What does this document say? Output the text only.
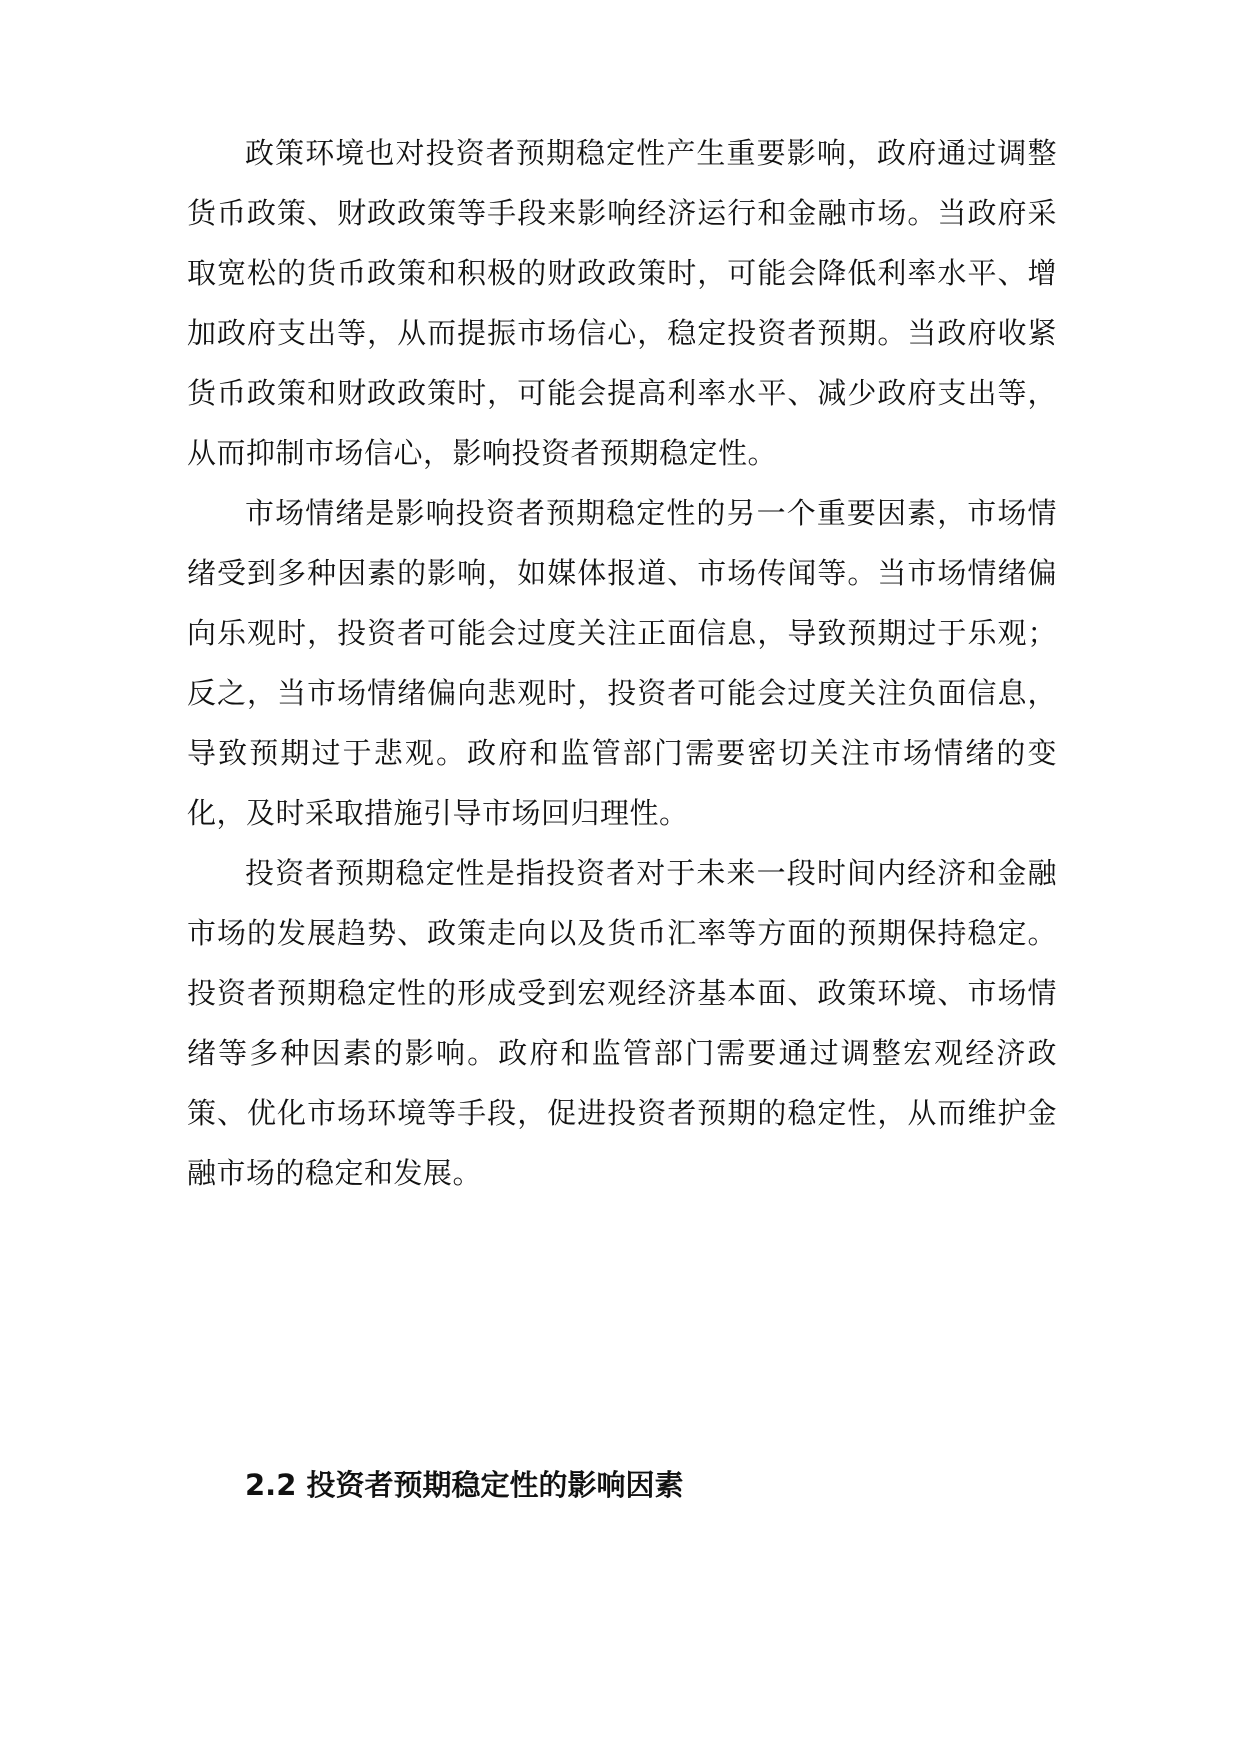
政策环境也对投资者预期稳定性产生重要影响，政府通过调整货币政策、财政政策等手段来影响经济运行和金融市场。当政府采取宽松的货币政策和积极的财政政策时，可能会降低利率水平、增加政府支出等，从而提振市场信心，稳定投资者预期。当政府收紧货币政策和财政政策时，可能会提高利率水平、减少政府支出等，从而抑制市场信心，影响投资者预期稳定性。

市场情绪是影响投资者预期稳定性的另一个重要因素，市场情绪受到多种因素的影响，如媒体报道、市场传闻等。当市场情绪偏向乐观时，投资者可能会过度关注正面信息，导致预期过于乐观；反之，当市场情绪偏向悲观时，投资者可能会过度关注负面信息，导致预期过于悲观。政府和监管部门需要密切关注市场情绪的变化，及时采取措施引导市场回归理性。

投资者预期稳定性是指投资者对于未来一段时间内经济和金融市场的发展趋势、政策走向以及货币汇率等方面的预期保持稳定。投资者预期稳定性的形成受到宏观经济基本面、政策环境、市场情绪等多种因素的影响。政府和监管部门需要通过调整宏观经济政策、优化市场环境等手段，促进投资者预期的稳定性，从而维护金融市场的稳定和发展。

2.2 投资者预期稳定性的影响因素
